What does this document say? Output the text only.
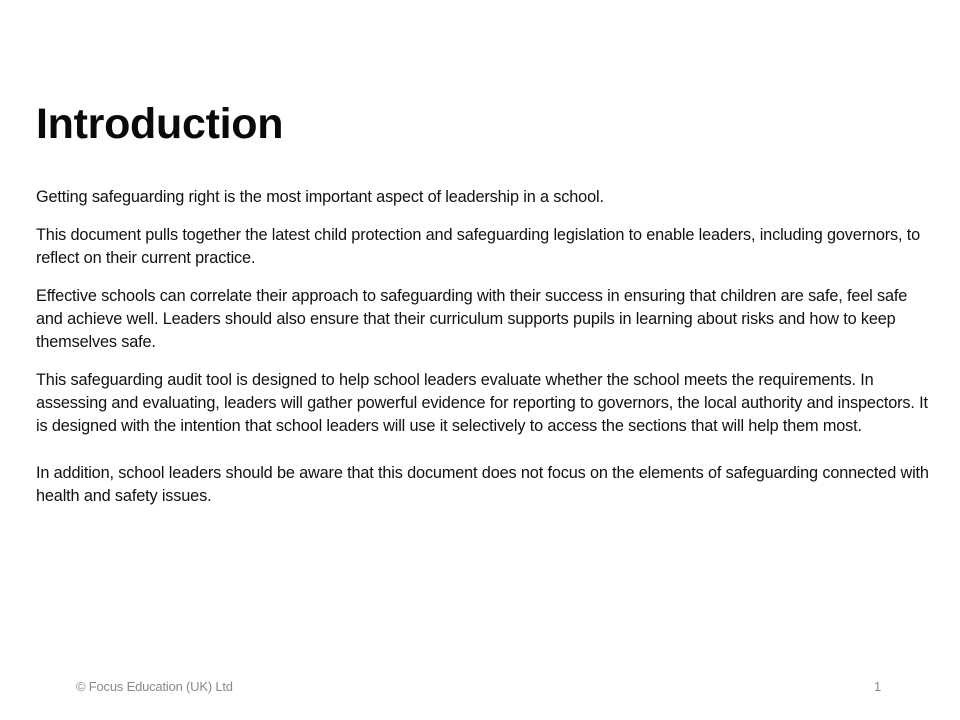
Introduction

Getting safeguarding right is the most important aspect of leadership in a school.

This document pulls together the latest child protection and safeguarding legislation to enable leaders, including governors, to reflect on their current practice.

Effective schools can correlate their approach to safeguarding with their success in ensuring that children are safe, feel safe and achieve well. Leaders should also ensure that their curriculum supports pupils in learning about risks and how to keep themselves safe.

This safeguarding audit tool is designed to help school leaders evaluate whether the school meets the requirements. In assessing and evaluating, leaders will gather powerful evidence for reporting to governors, the local authority and inspectors. It is designed with the intention that school leaders will use it selectively to access the sections that will help them most.

In addition, school leaders should be aware that this document does not focus on the elements of safeguarding connected with health and safety issues.

© Focus Education (UK) Ltd	1
